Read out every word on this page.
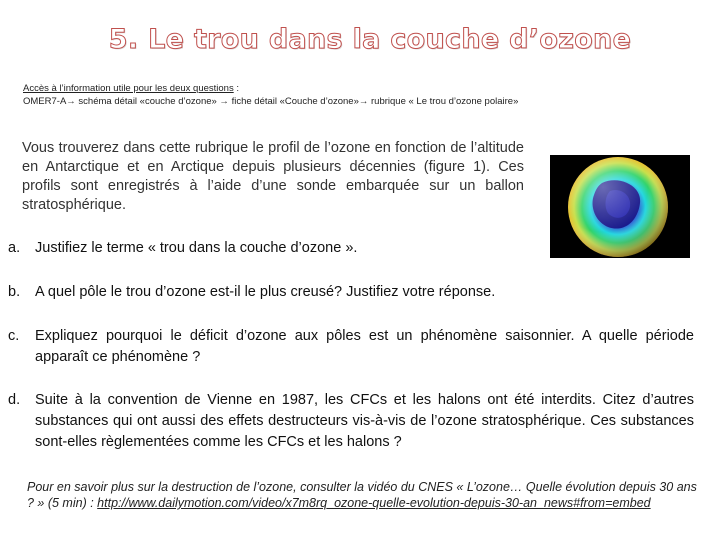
5. Le trou dans la couche d’ozone
Accès à l’information utile pour les deux questions :
OMER7-A→ schéma détail «couche d’ozone» → fiche détail «Couche d’ozone»→ rubrique « Le trou d’ozone polaire»
Vous trouverez dans cette rubrique le profil de l’ozone en fonction de l’altitude en Antarctique et en Arctique depuis plusieurs décennies (figure 1). Ces profils sont enregistrés à l’aide d’une sonde embarquée sur un ballon stratosphérique.
a. Justifiez le terme « trou dans la couche d’ozone ».
b. A quel pôle le trou d’ozone est-il le plus creusé? Justifiez votre réponse.
c. Expliquez pourquoi le déficit d’ozone aux pôles est un phénomène saisonnier. A quelle période apparaît ce phénomène ?
d. Suite à la convention de Vienne en 1987, les CFCs et les halons ont été interdits. Citez d’autres substances qui ont aussi des effets destructeurs vis-à-vis de l’ozone stratosphérique. Ces substances sont-elles règlementées comme les CFCs et les halons ?
Pour en savoir plus sur la destruction de l’ozone, consulter la vidéo du CNES « L’ozone… Quelle évolution depuis 30 ans ? » (5 min) : http://www.dailymotion.com/video/x7m8rq_ozone-quelle-evolution-depuis-30-an_news#from=embed
